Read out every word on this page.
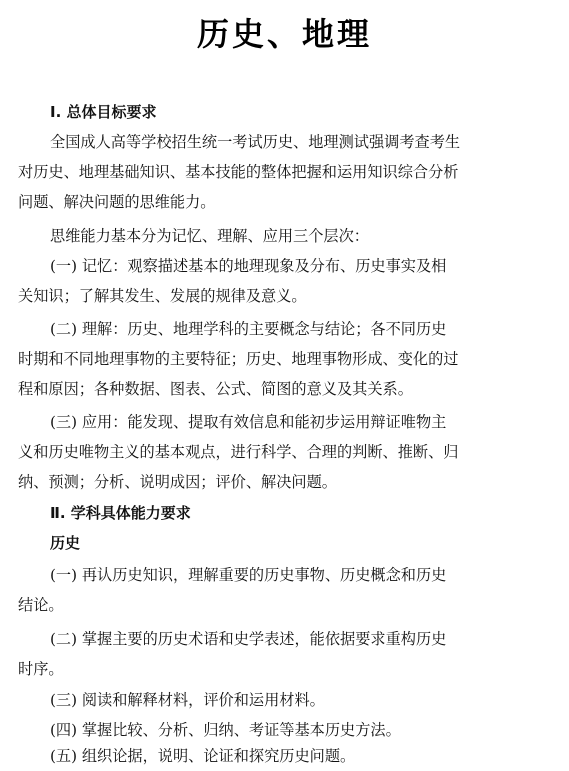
历史、地理
Ⅰ. 总体目标要求
全国成人高等学校招生统一考试历史、地理测试强调考查考生
对历史、地理基础知识、基本技能的整体把握和运用知识综合分析
问题、解决问题的思维能力。
思维能力基本分为记忆、理解、应用三个层次：
(一) 记忆：观察描述基本的地理现象及分布、历史事实及相
关知识；了解其发生、发展的规律及意义。
(二) 理解：历史、地理学科的主要概念与结论；各不同历史
时期和不同地理事物的主要特征；历史、地理事物形成、变化的过
程和原因；各种数据、图表、公式、简图的意义及其关系。
(三) 应用：能发现、提取有效信息和能初步运用辩证唯物主
义和历史唯物主义的基本观点，进行科学、合理的判断、推断、归
纳、预测；分析、说明成因；评价、解决问题。
Ⅱ. 学科具体能力要求
历史
(一) 再认历史知识，理解重要的历史事物、历史概念和历史
结论。
(二) 掌握主要的历史术语和史学表述，能依据要求重构历史
时序。
(三) 阅读和解释材料，评价和运用材料。
(四) 掌握比较、分析、归纳、考证等基本历史方法。
(五) 组织论据，说明、论证和探究历史问题。
